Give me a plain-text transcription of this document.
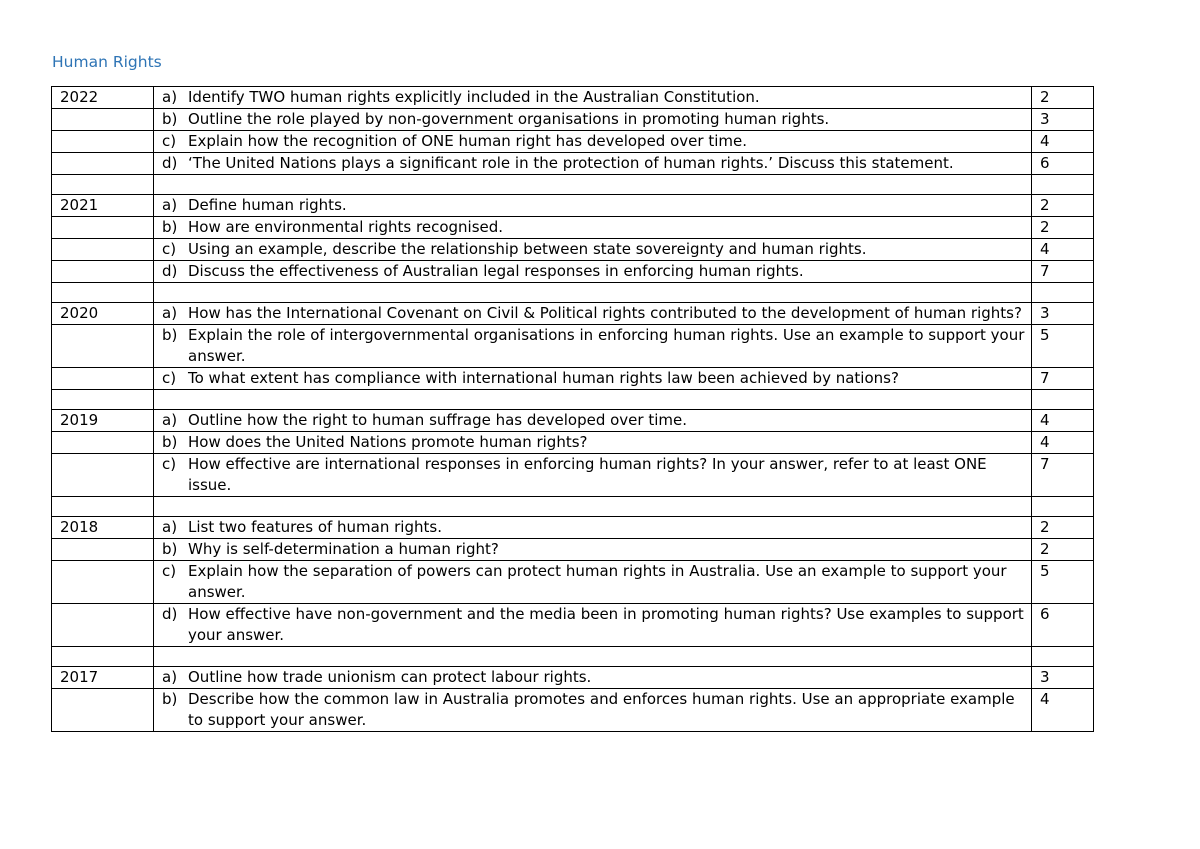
Human Rights
2022	a) Identify TWO human rights explicitly included in the Australian Constitution.	2

	b) Outline the role played by non-government organisations in promoting human rights.	3

	c) Explain how the recognition of ONE human right has developed over time.	4

	d) ‘The United Nations plays a significant role in the protection of human rights.’ Discuss this statement.	6

2021	a) Define human rights.	2

	b) How are environmental rights recognised.	2

	c) Using an example, describe the relationship between state sovereignty and human rights.	4

	d) Discuss the effectiveness of Australian legal responses in enforcing human rights.	7

2020	a) How has the International Covenant on Civil & Political rights contributed to the development of human rights?	3

	b) Explain the role of intergovernmental organisations in enforcing human rights. Use an example to support your answer.	5

	c) To what extent has compliance with international human rights law been achieved by nations?	7

2019	a) Outline how the right to human suffrage has developed over time.	4

	b) How does the United Nations promote human rights?	4

	c) How effective are international responses in enforcing human rights? In your answer, refer to at least ONE issue.	7

2018	a) List two features of human rights.	2

	b) Why is self-determination a human right?	2

	c) Explain how the separation of powers can protect human rights in Australia. Use an example to support your answer.	5

	d) How effective have non-government and the media been in promoting human rights? Use examples to support your answer.	6

2017	a) Outline how trade unionism can protect labour rights.	3

	b) Describe how the common law in Australia promotes and enforces human rights. Use an appropriate example to support your answer.	4
